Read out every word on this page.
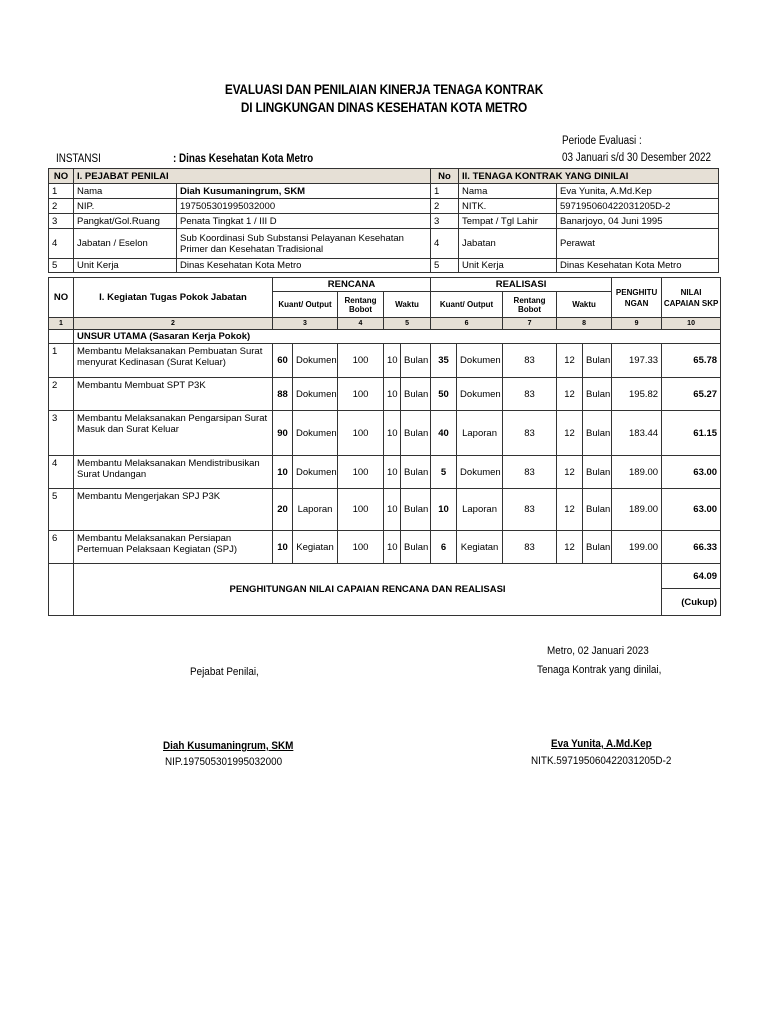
EVALUASI DAN PENILAIAN KINERJA TENAGA KONTRAK
DI LINGKUNGAN DINAS KESEHATAN KOTA METRO
Periode Evaluasi :
03 Januari s/d 30 Desember 2022
INSTANSI	: Dinas Kesehatan Kota Metro
NO	I. PEJABAT PENILAI		No	II. TENAGA KONTRAK YANG DINILAI	
1	Nama	Diah Kusumaningrum, SKM	1	Nama	Eva Yunita, A.Md.Kep
2	NIP.	197505301995032000	2	NITK.	597195060422031205D-2
3	Pangkat/Gol.Ruang	Penata Tingkat 1 / III D	3	Tempat / Tgl Lahir	Banarjoyo, 04 Juni 1995
4	Jabatan / Eselon	Sub Koordinasi Sub Substansi Pelayanan Kesehatan Primer dan Kesehatan Tradisional	4	Jabatan	Perawat
5	Unit Kerja	Dinas Kesehatan Kota Metro	5	Unit Kerja	Dinas Kesehatan Kota Metro
NO	I. Kegiatan Tugas Pokok Jabatan	RENCANA					REALISASI					PENGHITU NGAN	NILAI CAPAIAN SKP
		Kuant/ Output		Rentang Bobot	Waktu		Kuant/ Output		Rentang Bobot	Waktu			
1	2	3		4	5		6		7	8		9	10
	UNSUR UTAMA (Sasaran Kerja Pokok)												
1	Membantu Melaksanakan Pembuatan Surat menyurat Kedinasan (Surat Keluar)	60	Dokumen	100	10	Bulan	35	Dokumen	83	12	Bulan	197.33	65.78
2	Membantu Membuat SPT P3K	88	Dokumen	100	10	Bulan	50	Dokumen	83	12	Bulan	195.82	65.27
3	Membantu Melaksanakan Pengarsipan Surat Masuk dan Surat Keluar	90	Dokumen	100	10	Bulan	40	Laporan	83	12	Bulan	183.44	61.15
4	Membantu Melaksanakan Mendistribusikan Surat Undangan	10	Dokumen	100	10	Bulan	5	Dokumen	83	12	Bulan	189.00	63.00
5	Membantu Mengerjakan SPJ P3K	20	Laporan	100	10	Bulan	10	Laporan	83	12	Bulan	189.00	63.00
6	Membantu Melaksanakan Persiapan Pertemuan Pelaksaan Kegiatan (SPJ)	10	Kegiatan	100	10	Bulan	6	Kegiatan	83	12	Bulan	199.00	66.33
	PENGHITUNGAN NILAI CAPAIAN RENCANA DAN REALISASI												64.09
													(Cukup)
Metro, 02 Januari 2023
Pejabat Penilai,	Tenaga Kontrak yang dinilai,
Diah Kusumaningrum, SKM
NIP.197505301995032000
Eva Yunita, A.Md.Kep
NITK.597195060422031205D-2
